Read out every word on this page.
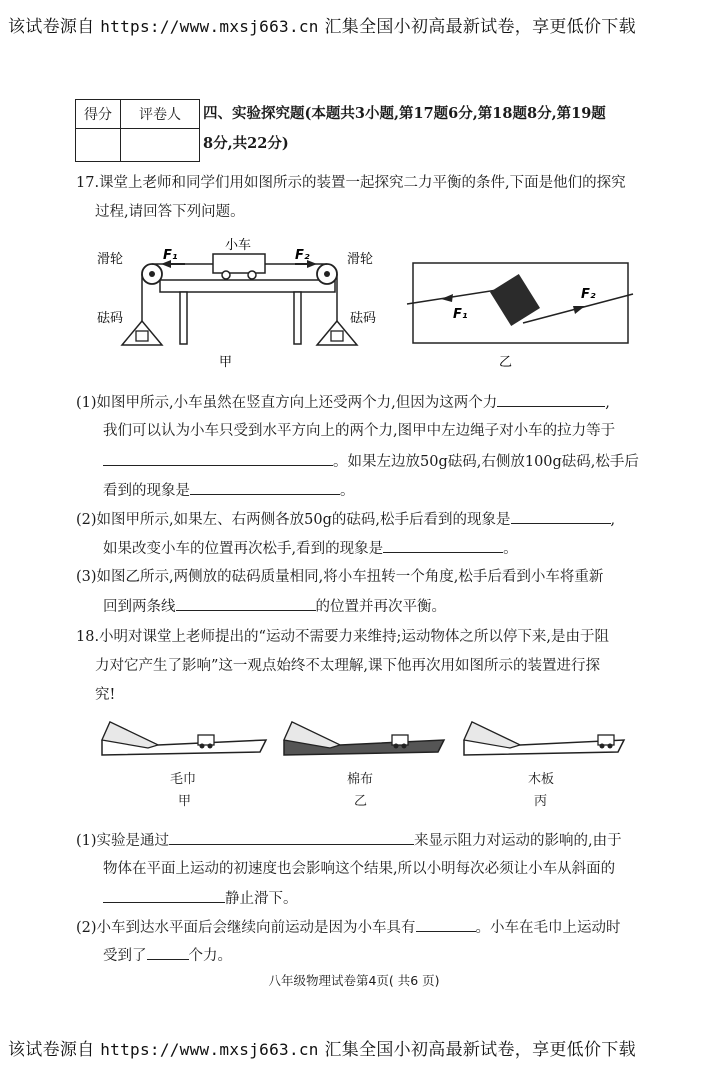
该试卷源自 https://www.mxsj663.cn 汇集全国小初高最新试卷，享更低价下载
得分	评卷人
	四、实验探究题(本题共3小题,第17题6分,第18题8分,第19题
8分,共22分)
17.课堂上老师和同学们用如图所示的装置一起探究二力平衡的条件,下面是他们的探究
过程,请回答下列问题。
滑轮	滑轮
小车
F₁	F₂
砝码	砝码
甲
F₁
F₂
乙
(1)如图甲所示,小车虽然在竖直方向上还受两个力,但因为这两个力	,
我们可以认为小车只受到水平方向上的两个力,图甲中左边绳子对小车的拉力等于
。如果左边放50g砝码,右侧放100g砝码,松手后
看到的现象是	。
(2)如图甲所示,如果左、右两侧各放50g的砝码,松手后看到的现象是	,
如果改变小车的位置再次松手,看到的现象是	。
(3)如图乙所示,两侧放的砝码质量相同,将小车扭转一个角度,松手后看到小车将重新
回到两条线	的位置并再次平衡。
18.小明对课堂上老师提出的“运动不需要力来维持;运动物体之所以停下来,是由于阻
力对它产生了影响”这一观点始终不太理解,课下他再次用如图所示的装置进行探
究!
毛巾
甲
棉布
乙
木板
丙
(1)实验是通过	来显示阻力对运动的影响的,由于
物体在平面上运动的初速度也会影响这个结果,所以小明每次必须让小车从斜面的
静止滑下。
(2)小车到达水平面后会继续向前运动是因为小车具有	。小车在毛巾上运动时
受到了	个力。
八年级物理试卷第4页( 共6 页)
该试卷源自 https://www.mxsj663.cn 汇集全国小初高最新试卷，享更低价下载
